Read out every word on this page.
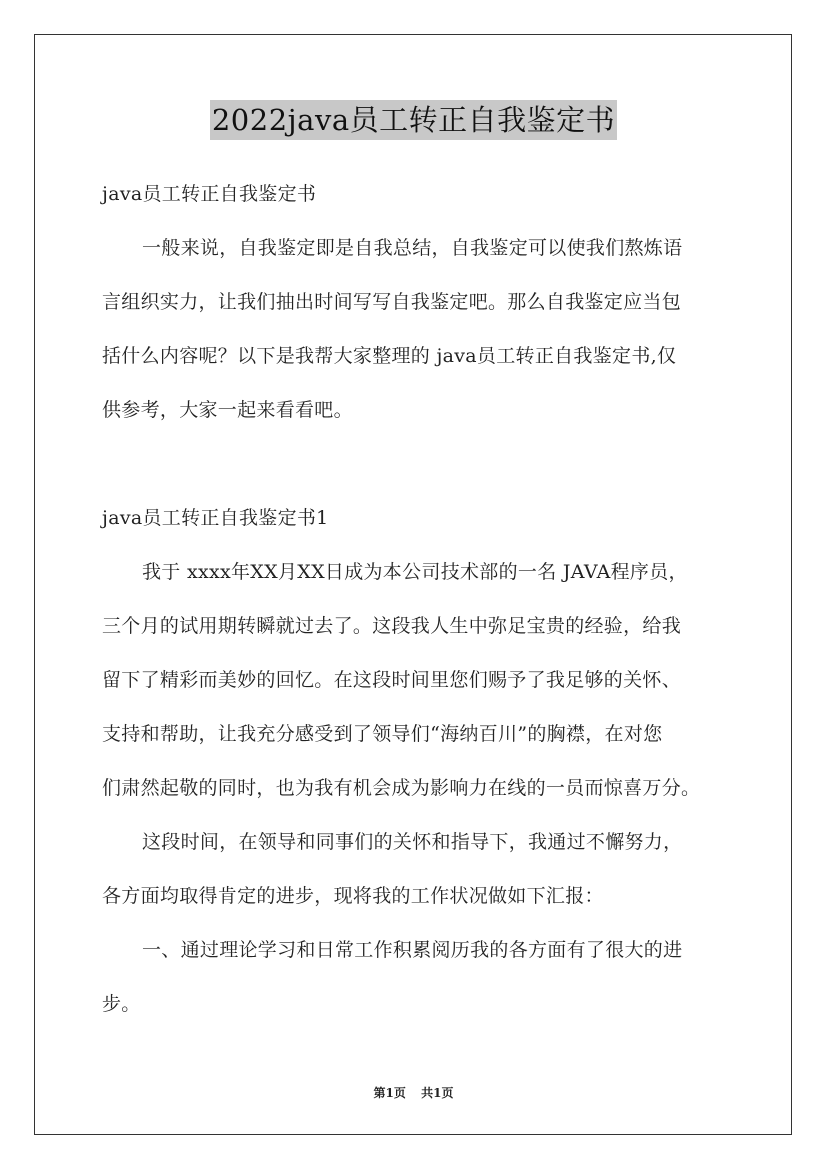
2022java员工转正自我鉴定书
java员工转正自我鉴定书
一般来说，自我鉴定即是自我总结，自我鉴定可以使我们熬炼语
言组织实力，让我们抽出时间写写自我鉴定吧。那么自我鉴定应当包
括什么内容呢？以下是我帮大家整理的 java员工转正自我鉴定书,仅
供参考，大家一起来看看吧。
java员工转正自我鉴定书1
我于 xxxx年XX月XX日成为本公司技术部的一名 JAVA程序员，
三个月的试用期转瞬就过去了。这段我人生中弥足宝贵的经验，给我
留下了精彩而美妙的回忆。在这段时间里您们赐予了我足够的关怀、
支持和帮助，让我充分感受到了领导们“海纳百川”的胸襟，在对您
们肃然起敬的同时，也为我有机会成为影响力在线的一员而惊喜万分。
这段时间，在领导和同事们的关怀和指导下，我通过不懈努力，
各方面均取得肯定的进步，现将我的工作状况做如下汇报：
一、通过理论学习和日常工作积累阅历我的各方面有了很大的进
步。
第1页 共1页
